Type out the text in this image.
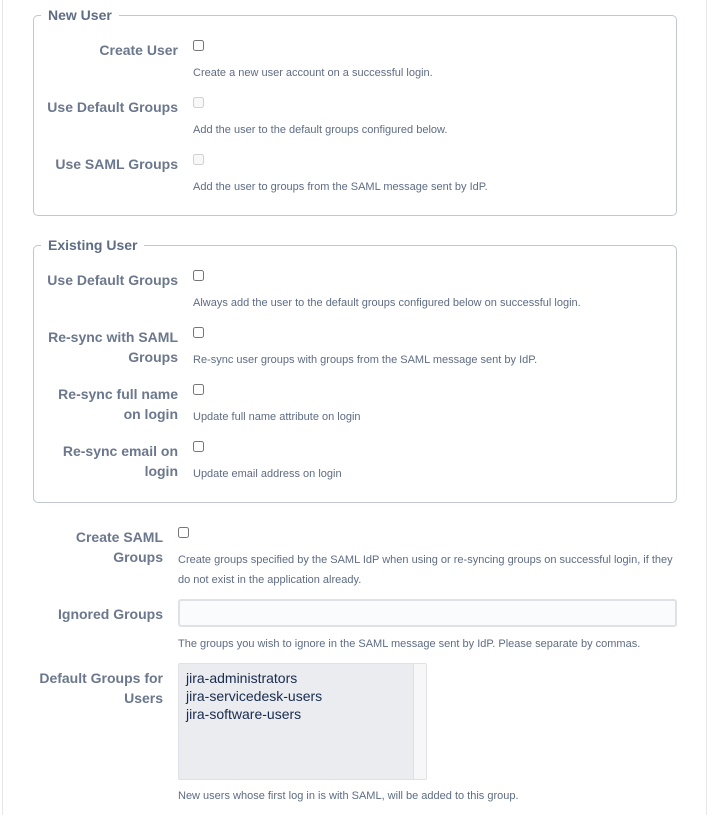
New User
Create User
Create a new user account on a successful login.
Use Default Groups
Add the user to the default groups configured below.
Use SAML Groups
Add the user to groups from the SAML message sent by IdP.
Existing User
Use Default Groups
Always add the user to the default groups configured below on successful login.
Re-sync with SAML
Groups Re-sync user groups with groups from the SAML message sent by IdP.
Re-sync full name
on login Update full name attribute on login
Re-sync email on
login Update email address on login
Create SAML
Groups Create groups specified by the SAML IdP when using or re-syncing groups on successful login, if they
do not exist in the application already.
Ignored Groups
The groups you wish to ignore in the SAML message sent by IdP. Please separate by commas.
Default Groups for
Users
jira-administrators
jira-servicedesk-users
jira-software-users
New users whose first log in is with SAML, will be added to this group.
